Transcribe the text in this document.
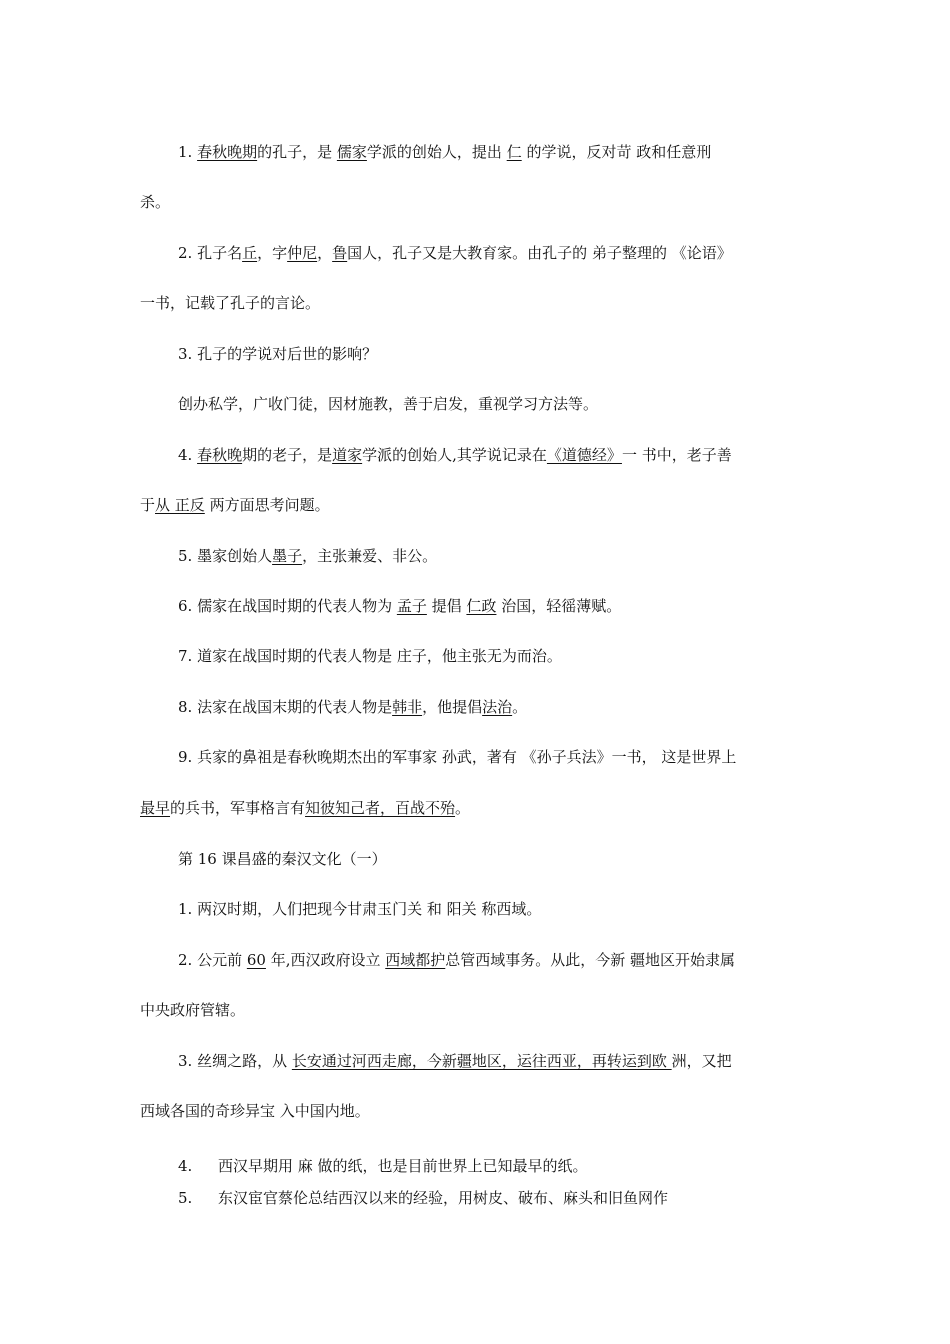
1. 春秋晚期的孔子，是 儒家学派的创始人，提出 仁 的学说，反对苛 政和任意刑

杀。

2. 孔子名丘，字仲尼，鲁国人，孔子又是大教育家。由孔子的 弟子整理的 《论语》

一书，记载了孔子的言论。

3. 孔子的学说对后世的影响？

创办私学，广收门徒，因材施教，善于启发，重视学习方法等。

4. 春秋晚期的老子，是道家学派的创始人,其学说记录在《道德经》一 书中，老子善

于从 正反 两方面思考问题。

5. 墨家创始人墨子，主张兼爱、非公。

6. 儒家在战国时期的代表人物为 孟子 提倡 仁政 治国，轻徭薄赋。

7. 道家在战国时期的代表人物是 庄子，他主张无为而治。

8. 法家在战国末期的代表人物是韩非，他提倡法治。

9. 兵家的鼻祖是春秋晚期杰出的军事家 孙武，著有 《孙子兵法》一书， 这是世界上

最早的兵书，军事格言有知彼知己者，百战不殆。

第 16 课昌盛的秦汉文化（一）

1. 两汉时期，人们把现今甘肃玉门关 和 阳关 称西域。

2. 公元前 60 年,西汉政府设立 西域都护总管西域事务。从此，今新 疆地区开始隶属

中央政府管辖。

3. 丝绸之路，从 长安通过河西走廊，今新疆地区，运往西亚，再转运到欧 洲，又把

西域各国的奇珍异宝 入中国内地。

4. 西汉早期用 麻 做的纸，也是目前世界上已知最早的纸。

5. 东汉宦官蔡伦总结西汉以来的经验，用树皮、破布、麻头和旧鱼网作
